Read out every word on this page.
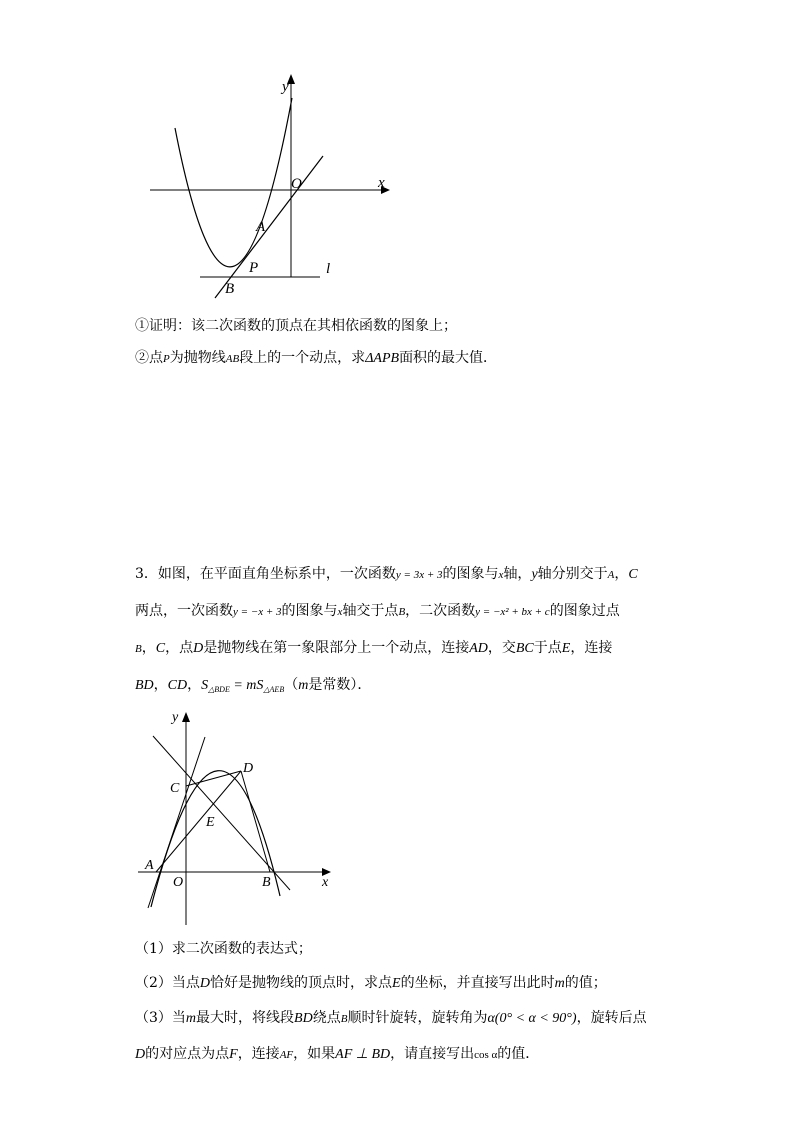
y
x
O
A
P
B
l
①证明：该二次函数的顶点在其相依函数的图象上；
②点P为抛物线AB段上的一个动点，求ΔAPB面积的最大值．
3．如图，在平面直角坐标系中，一次函数y = 3x + 3的图象与x轴，y轴分别交于A，C
两点，一次函数y = −x + 3的图象与x轴交于点B，二次函数y = −x² + bx + c的图象过点
B，C，点D是抛物线在第一象限部分上一个动点，连接AD，交BC于点E，连接
BD，CD，$S_{\triangle BDE} = mS_{\triangle AEB}(m$是常数）．
y
x
C
D
E
A
O	B
（1）求二次函数的表达式；
（2）当点D恰好是抛物线的顶点时，求点E的坐标，并直接写出此时m的值；
（3）当m最大时，将线段BD绕点B顺时针旋转，旋转角为α(0° < α < 90°)，旋转后点
D的对应点为点F，连接AF，如果AF ⊥ BD，请直接写出cos α的值．
